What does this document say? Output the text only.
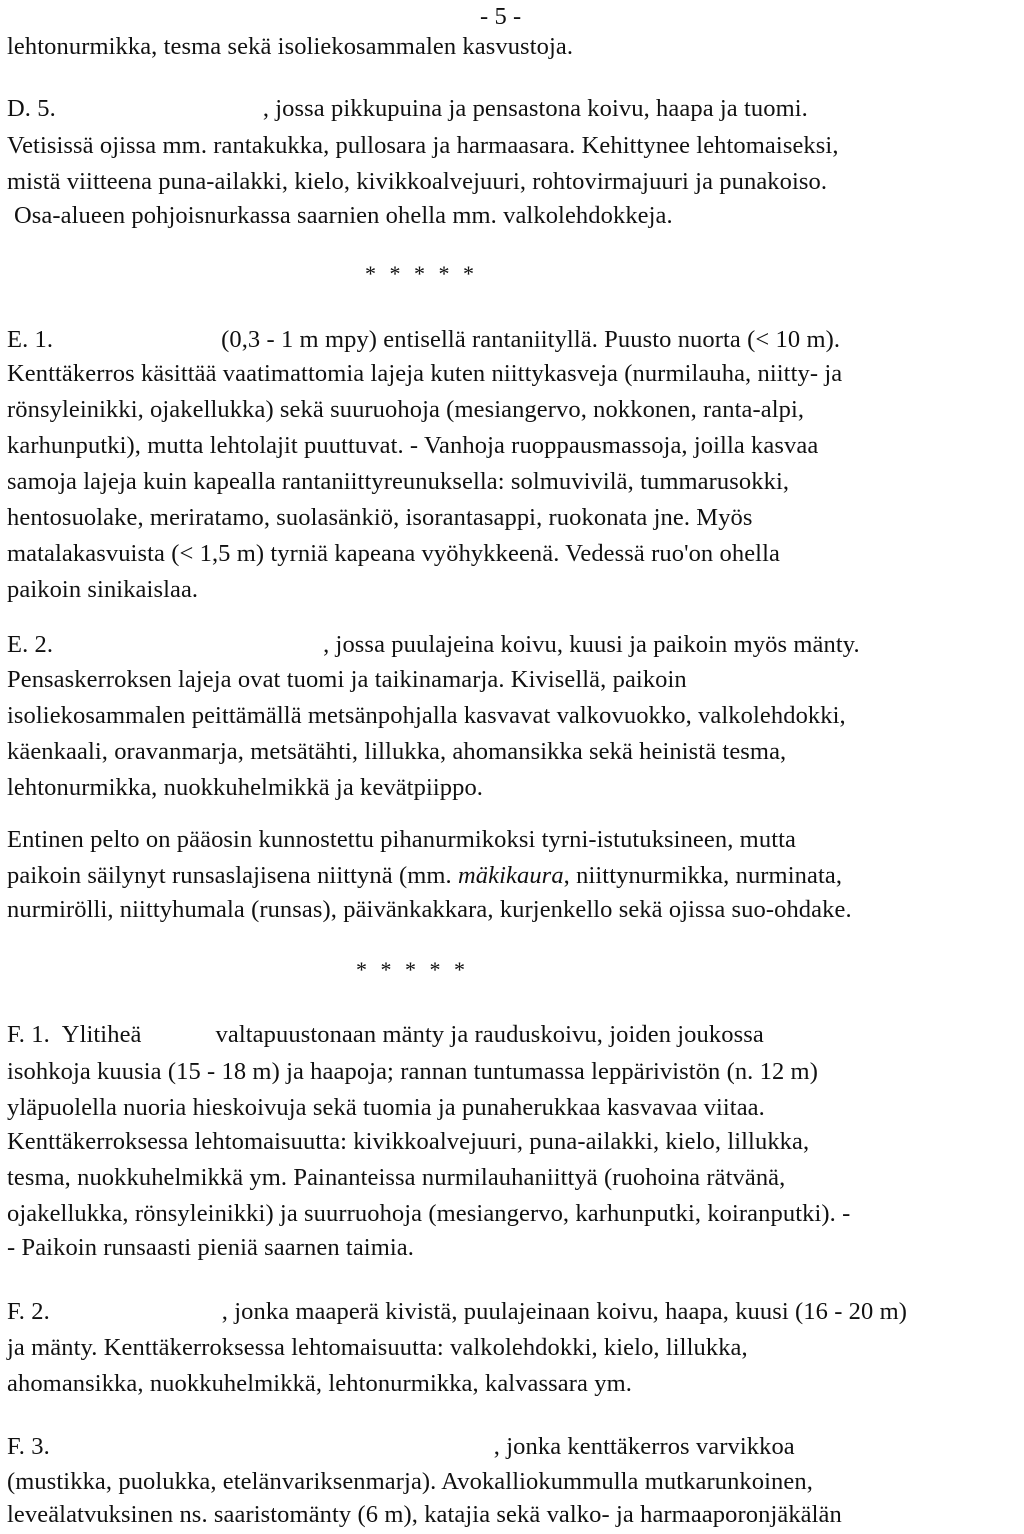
- 5 -
lehtonurmikka, tesma sekä isoliekosammalen kasvustoja.
D. 5.	, jossa pikkupuina ja pensastona koivu, haapa ja tuomi.
Vetisissä ojissa mm. rantakukka, pullosara ja harmaasara. Kehittynee lehtomaiseksi,
mistä viitteena puna-ailakki, kielo, kivikkoalvejuuri, rohtovirmajuuri ja punakoiso.
Osa-alueen pohjoisnurkassa saarnien ohella mm. valkolehdokkeja.
* * * * *
E. 1.	(0,3 - 1 m mpy) entisellä rantaniityllä. Puusto nuorta (< 10 m).
Kenttäkerros käsittää vaatimattomia lajeja kuten niittykasveja (nurmilauha, niitty- ja
rönsyleinikki, ojakellukka) sekä suuruohoja (mesiangervo, nokkonen, ranta-alpi,
karhunputki), mutta lehtolajit puuttuvat. - Vanhoja ruoppausmassoja, joilla kasvaa
samoja lajeja kuin kapealla rantaniittyreunuksella: solmuvivilä, tummarusokki,
hentosuolake, meriratamo, suolasänkiö, isorantasappi, ruokonata jne. Myös
matalakasvuista (< 1,5 m) tyrniä kapeana vyöhykkeenä. Vedessä ruo'on ohella
paikoin sinikaislaa.
E. 2.	, jossa puulajeina koivu, kuusi ja paikoin myös mänty.
Pensaskerroksen lajeja ovat tuomi ja taikinamarja. Kivisellä, paikoin
isoliekosammalen peittämällä metsänpohjalla kasvavat valkovuokko, valkolehdokki,
käenkaali, oravanmarja, metsätähti, lillukka, ahomansikka sekä heinistä tesma,
lehtonurmikka, nuokkuhelmikkä ja kevätpiippo.
Entinen pelto on pääosin kunnostettu pihanurmikoksi tyrni-istutuksineen, mutta
paikoin säilynyt runsaslajisena niittynä (mm. mäkikaura, niittynurmikka, nurminata,
nurmirölli, niittyhumala (runsas), päivänkakkara, kurjenkello sekä ojissa suo-ohdake.
* * * * *
F. 1. Ylitiheä	valtapuustonaan mänty ja rauduskoivu, joiden joukossa
isohkoja kuusia (15 - 18 m) ja haapoja; rannan tuntumassa leppärivistön (n. 12 m)
yläpuolella nuoria hieskoivuja sekä tuomia ja punaherukkaa kasvavaa viitaa.
Kenttäkerroksessa lehtomaisuutta: kivikkoalvejuuri, puna-ailakki, kielo, lillukka,
tesma, nuokkuhelmikkä ym. Painanteissa nurmilauhaniittyä (ruohoina rätvänä,
ojakellukka, rönsyleinikki) ja suurruohoja (mesiangervo, karhunputki, koiranputki). -
- Paikoin runsaasti pieniä saarnen taimia.
F. 2.	, jonka maaperä kivistä, puulajeinaan koivu, haapa, kuusi (16 - 20 m)
ja mänty. Kenttäkerroksessa lehtomaisuutta: valkolehdokki, kielo, lillukka,
ahomansikka, nuokkuhelmikkä, lehtonurmikka, kalvassara ym.
F. 3.	, jonka kenttäkerros varvikkoa
(mustikka, puolukka, etelänvariksenmarja). Avokalliokummulla mutkarunkoinen,
leveälatvuksinen ns. saaristomänty (6 m), katajia sekä valko- ja harmaaporonjäkälän
